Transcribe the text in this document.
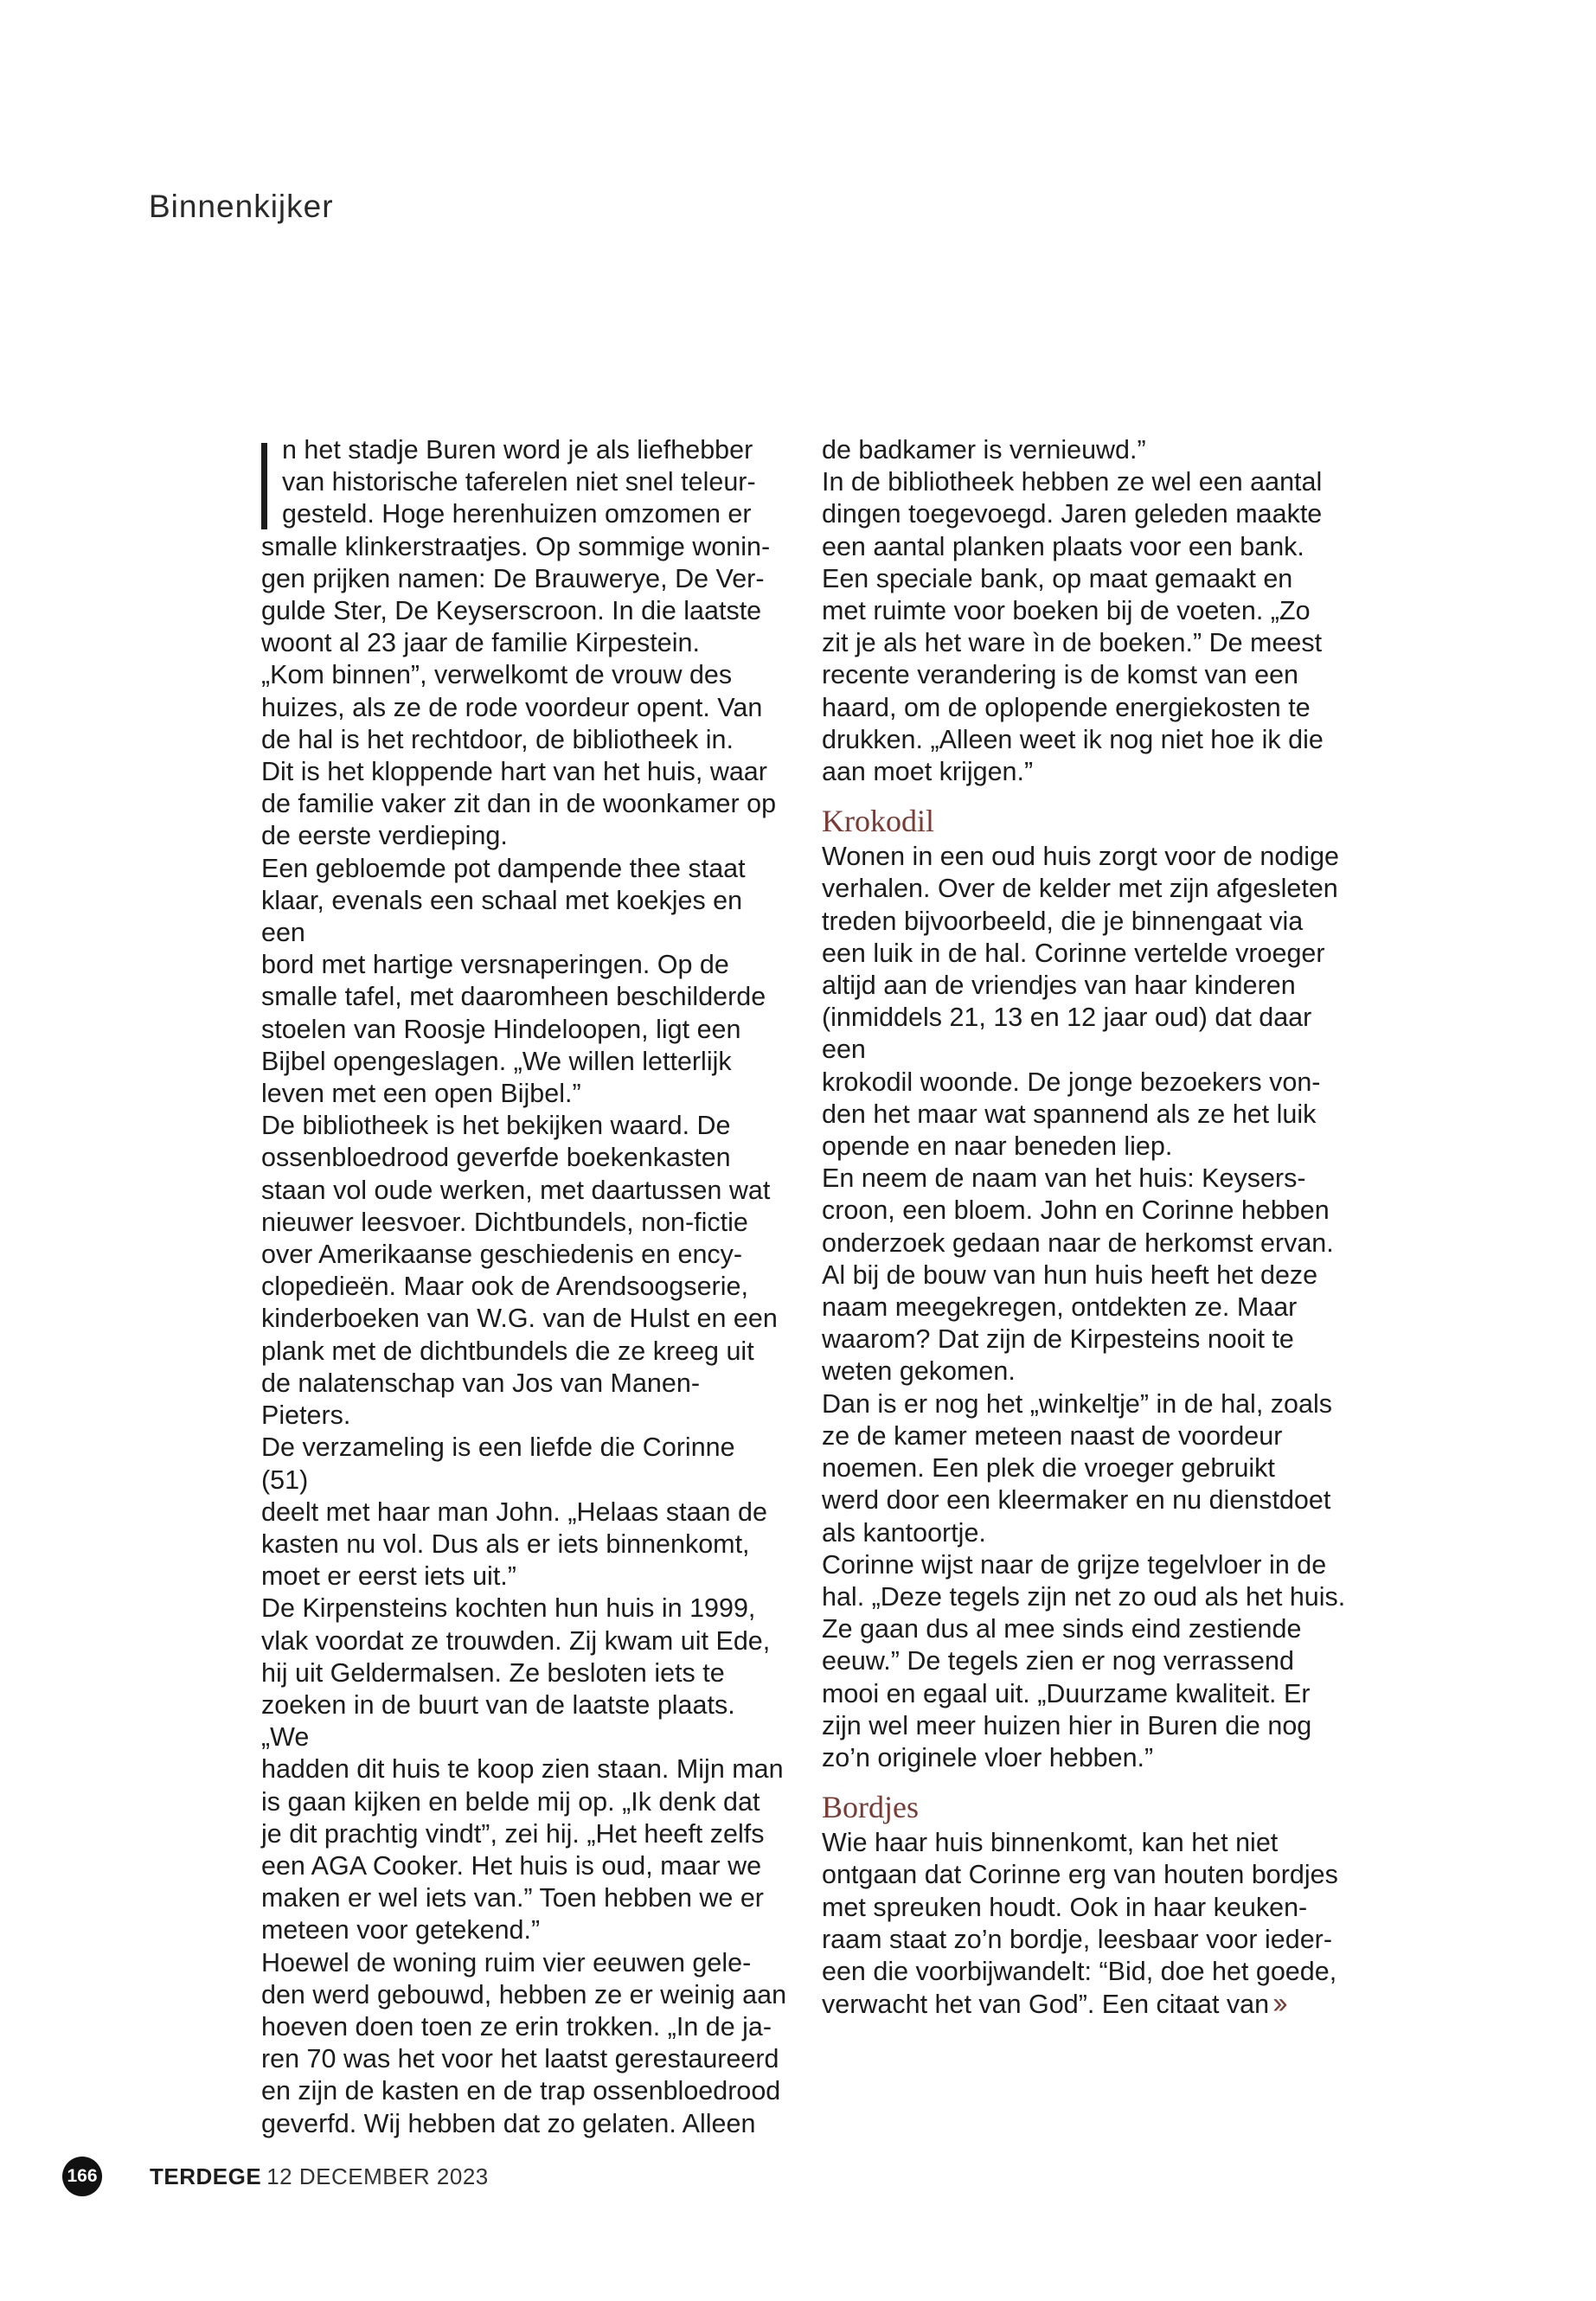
Binnenkijker
n het stadje Buren word je als liefhebber
van historische taferelen niet snel teleur-
gesteld. Hoge herenhuizen omzomen er
smalle klinkerstraatjes. Op sommige wonin-
gen prijken namen: De Brauwerye, De Ver-
gulde Ster, De Keyserscroon. In die laatste
woont al 23 jaar de familie Kirpestein.
„Kom binnen”, verwelkomt de vrouw des
huizes, als ze de rode voordeur opent. Van
de hal is het rechtdoor, de bibliotheek in.
Dit is het kloppende hart van het huis, waar
de familie vaker zit dan in de woonkamer op
de eerste verdieping.
Een gebloemde pot dampende thee staat
klaar, evenals een schaal met koekjes en een
bord met hartige versnaperingen. Op de
smalle tafel, met daaromheen beschilderde
stoelen van Roosje Hindeloopen, ligt een
Bijbel opengeslagen. „We willen letterlijk
leven met een open Bijbel.”
De bibliotheek is het bekijken waard. De
ossenbloedrood geverfde boekenkasten
staan vol oude werken, met daartussen wat
nieuwer leesvoer. Dichtbundels, non-fictie
over Amerikaanse geschiedenis en ency-
clopedieën. Maar ook de Arendsoogserie,
kinderboeken van W.G. van de Hulst en een
plank met de dichtbundels die ze kreeg uit
de nalatenschap van Jos van Manen-Pieters.
De verzameling is een liefde die Corinne (51)
deelt met haar man John. „Helaas staan de
kasten nu vol. Dus als er iets binnenkomt,
moet er eerst iets uit.”
De Kirpensteins kochten hun huis in 1999,
vlak voordat ze trouwden. Zij kwam uit Ede,
hij uit Geldermalsen. Ze besloten iets te
zoeken in de buurt van de laatste plaats. „We
hadden dit huis te koop zien staan. Mijn man
is gaan kijken en belde mij op. „Ik denk dat
je dit prachtig vindt”, zei hij. „Het heeft zelfs
een AGA Cooker. Het huis is oud, maar we
maken er wel iets van.” Toen hebben we er
meteen voor getekend.”
Hoewel de woning ruim vier eeuwen gele-
den werd gebouwd, hebben ze er weinig aan
hoeven doen toen ze erin trokken. „In de ja-
ren 70 was het voor het laatst gerestaureerd
en zijn de kasten en de trap ossenbloedrood
geverfd. Wij hebben dat zo gelaten. Alleen
de badkamer is vernieuwd.”
In de bibliotheek hebben ze wel een aantal
dingen toegevoegd. Jaren geleden maakte
een aantal planken plaats voor een bank.
Een speciale bank, op maat gemaakt en
met ruimte voor boeken bij de voeten. „Zo
zit je als het ware ìn de boeken.” De meest
recente verandering is de komst van een
haard, om de oplopende energiekosten te
drukken. „Alleen weet ik nog niet hoe ik die
aan moet krijgen.”
Krokodil
Wonen in een oud huis zorgt voor de nodige
verhalen. Over de kelder met zijn afgesleten
treden bijvoorbeeld, die je binnengaat via
een luik in de hal. Corinne vertelde vroeger
altijd aan de vriendjes van haar kinderen
(inmiddels 21, 13 en 12 jaar oud) dat daar een
krokodil woonde. De jonge bezoekers von-
den het maar wat spannend als ze het luik
opende en naar beneden liep.
En neem de naam van het huis: Keysers-
croon, een bloem. John en Corinne hebben
onderzoek gedaan naar de herkomst ervan.
Al bij de bouw van hun huis heeft het deze
naam meegekregen, ontdekten ze. Maar
waarom? Dat zijn de Kirpesteins nooit te
weten gekomen.
Dan is er nog het „winkeltje” in de hal, zoals
ze de kamer meteen naast de voordeur
noemen. Een plek die vroeger gebruikt
werd door een kleermaker en nu dienstdoet
als kantoortje.
Corinne wijst naar de grijze tegelvloer in de
hal. „Deze tegels zijn net zo oud als het huis.
Ze gaan dus al mee sinds eind zestiende
eeuw.” De tegels zien er nog verrassend
mooi en egaal uit. „Duurzame kwaliteit. Er
zijn wel meer huizen hier in Buren die nog
zo’n originele vloer hebben.”
Bordjes
Wie haar huis binnenkomt, kan het niet
ontgaan dat Corinne erg van houten bordjes
met spreuken houdt. Ook in haar keuken-
raam staat zo’n bordje, leesbaar voor ieder-
een die voorbijwandelt: “Bid, doe het goede,
verwacht het van God”. Een citaat van ››
166 TERDEGE 12 DECEMBER 2023
